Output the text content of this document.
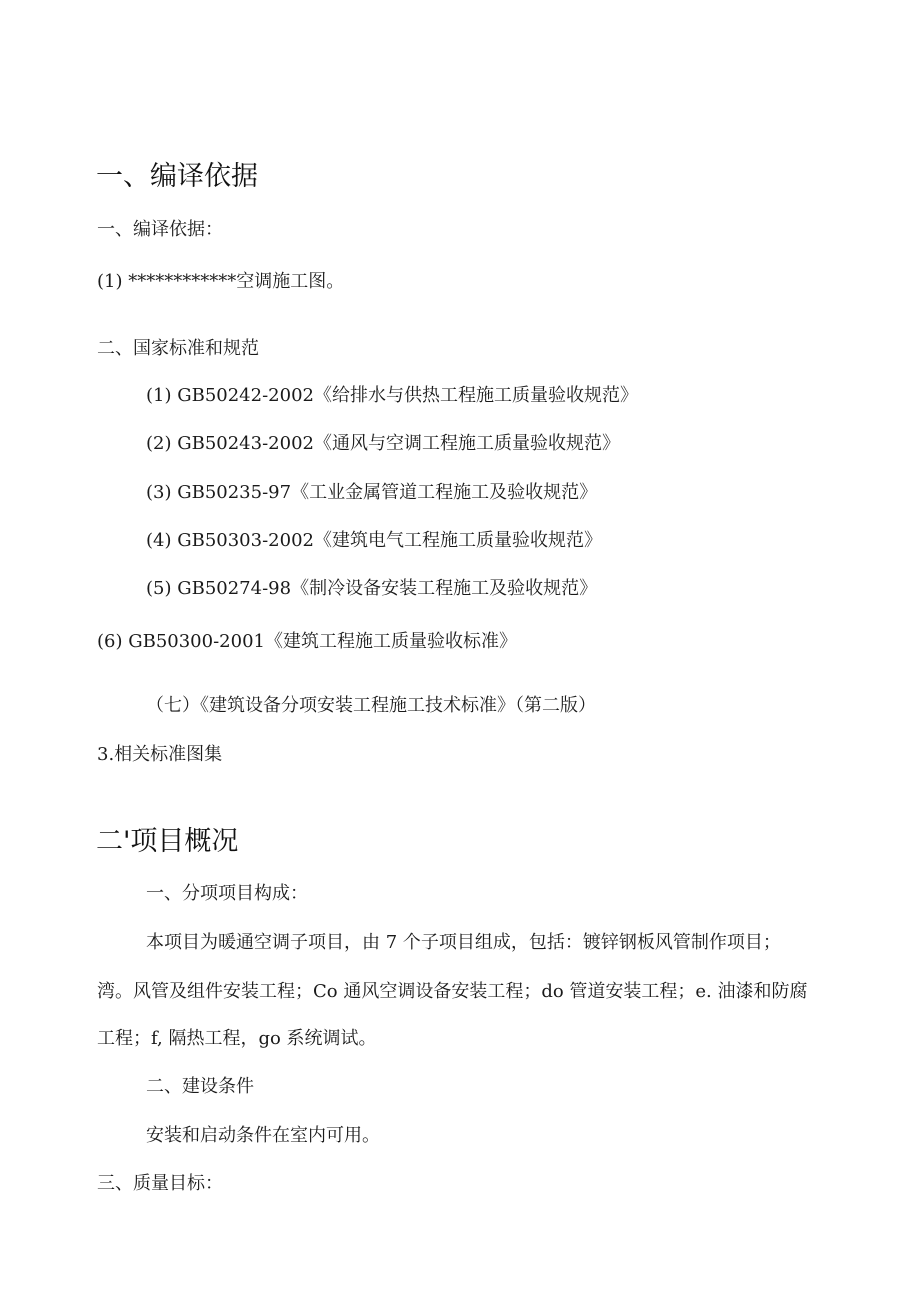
一、编译依据
一、编译依据：
(1) ************空调施工图。
二、国家标准和规范
(1) GB50242-2002《给排水与供热工程施工质量验收规范》
(2) GB50243-2002《通风与空调工程施工质量验收规范》
(3) GB50235-97《工业金属管道工程施工及验收规范》
(4) GB50303-2002《建筑电气工程施工质量验收规范》
(5) GB50274-98《制冷设备安装工程施工及验收规范》
(6) GB50300-2001《建筑工程施工质量验收标准》
（七）《建筑设备分项安装工程施工技术标准》（第二版）
3.相关标准图集
二'项目概况
一、分项项目构成：
本项目为暖通空调子项目，由 7 个子项目组成，包括：镀锌钢板风管制作项目；
湾。风管及组件安装工程；Co 通风空调设备安装工程；do 管道安装工程；e. 油漆和防腐
工程；f, 隔热工程，go 系统调试。
二、建设条件
安装和启动条件在室内可用。
三、质量目标：
